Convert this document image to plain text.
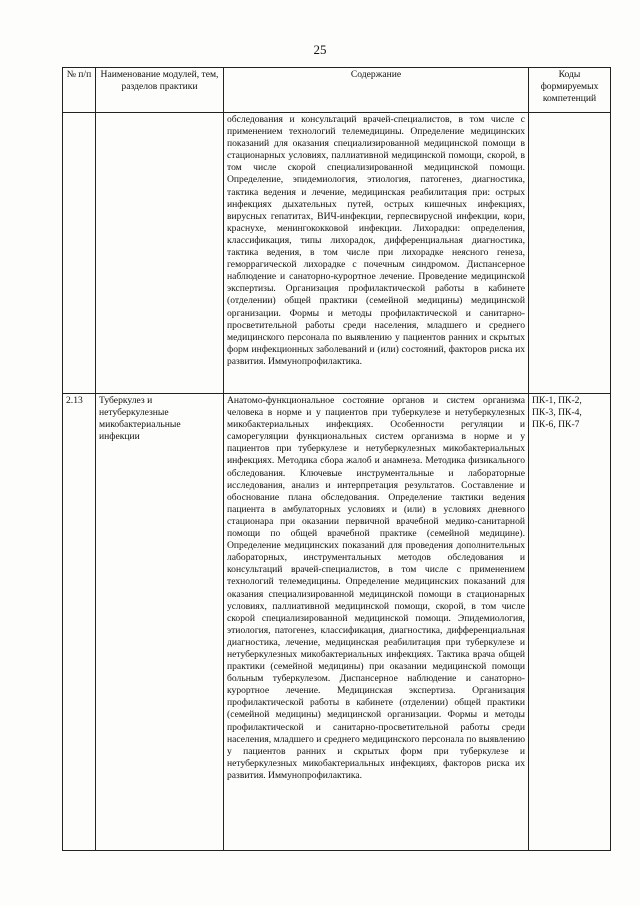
25
№ п/п	Наименование модулей, тем, разделов практики	Содержание	Коды формируемых компетенций
		обследования и консультаций врачей-специалистов, в том числе с применением технологий телемедицины. Определение медицинских показаний для оказания специализированной медицинской помощи в стационарных условиях, паллиативной медицинской помощи, скорой, в том числе скорой специализированной медицинской помощи. Определение, эпидемиология, этиология, патогенез, диагностика, тактика ведения и лечение, медицинская реабилитация при: острых инфекциях дыхательных путей, острых кишечных инфекциях, вирусных гепатитах, ВИЧ-инфекции, герпесвирусной инфекции, кори, краснухе, менингококковой инфекции. Лихорадки: определения, классификация, типы лихорадок, дифференциальная диагностика, тактика ведения, в том числе при лихорадке неясного генеза, геморрагической лихорадке с почечным синдромом. Диспансерное наблюдение и санаторно-курортное лечение. Проведение медицинской экспертизы. Организация профилактической работы в кабинете (отделении) общей практики (семейной медицины) медицинской организации. Формы и методы профилактической и санитарно-просветительной работы среди населения, младшего и среднего медицинского персонала по выявлению у пациентов ранних и скрытых форм инфекционных заболеваний и (или) состояний, факторов риска их развития. Иммунопрофилактика.	
2.13	Туберкулез и нетуберкулезные микобактериальные инфекции	Анатомо-функциональное состояние органов и систем организма человека в норме и у пациентов при туберкулезе и нетуберкулезных микобактериальных инфекциях. Особенности регуляции и саморегуляции функциональных систем организма в норме и у пациентов при туберкулезе и нетуберкулезных микобактериальных инфекциях. Методика сбора жалоб и анамнеза. Методика физикального обследования. Ключевые инструментальные и лабораторные исследования, анализ и интерпретация результатов. Составление и обоснование плана обследования. Определение тактики ведения пациента в амбулаторных условиях и (или) в условиях дневного стационара при оказании первичной врачебной медико-санитарной помощи по общей врачебной практике (семейной медицине). Определение медицинских показаний для проведения дополнительных лабораторных, инструментальных методов обследования и консультаций врачей-специалистов, в том числе с применением технологий телемедицины. Определение медицинских показаний для оказания специализированной медицинской помощи в стационарных условиях, паллиативной медицинской помощи, скорой, в том числе скорой специализированной медицинской помощи. Эпидемиология, этиология, патогенез, классификация, диагностика, дифференциальная диагностика, лечение, медицинская реабилитация при туберкулезе и нетуберкулезных микобактериальных инфекциях. Тактика врача общей практики (семейной медицины) при оказании медицинской помощи больным туберкулезом. Диспансерное наблюдение и санаторно-курортное лечение. Медицинская экспертиза. Организация профилактической работы в кабинете (отделении) общей практики (семейной медицины) медицинской организации. Формы и методы профилактической и санитарно-просветительной работы среди населения, младшего и среднего медицинского персонала по выявлению у пациентов ранних и скрытых форм при туберкулезе и нетуберкулезных микобактериальных инфекциях, факторов риска их развития. Иммунопрофилактика.	ПК-1, ПК-2, ПК-3, ПК-4, ПК-6, ПК-7
